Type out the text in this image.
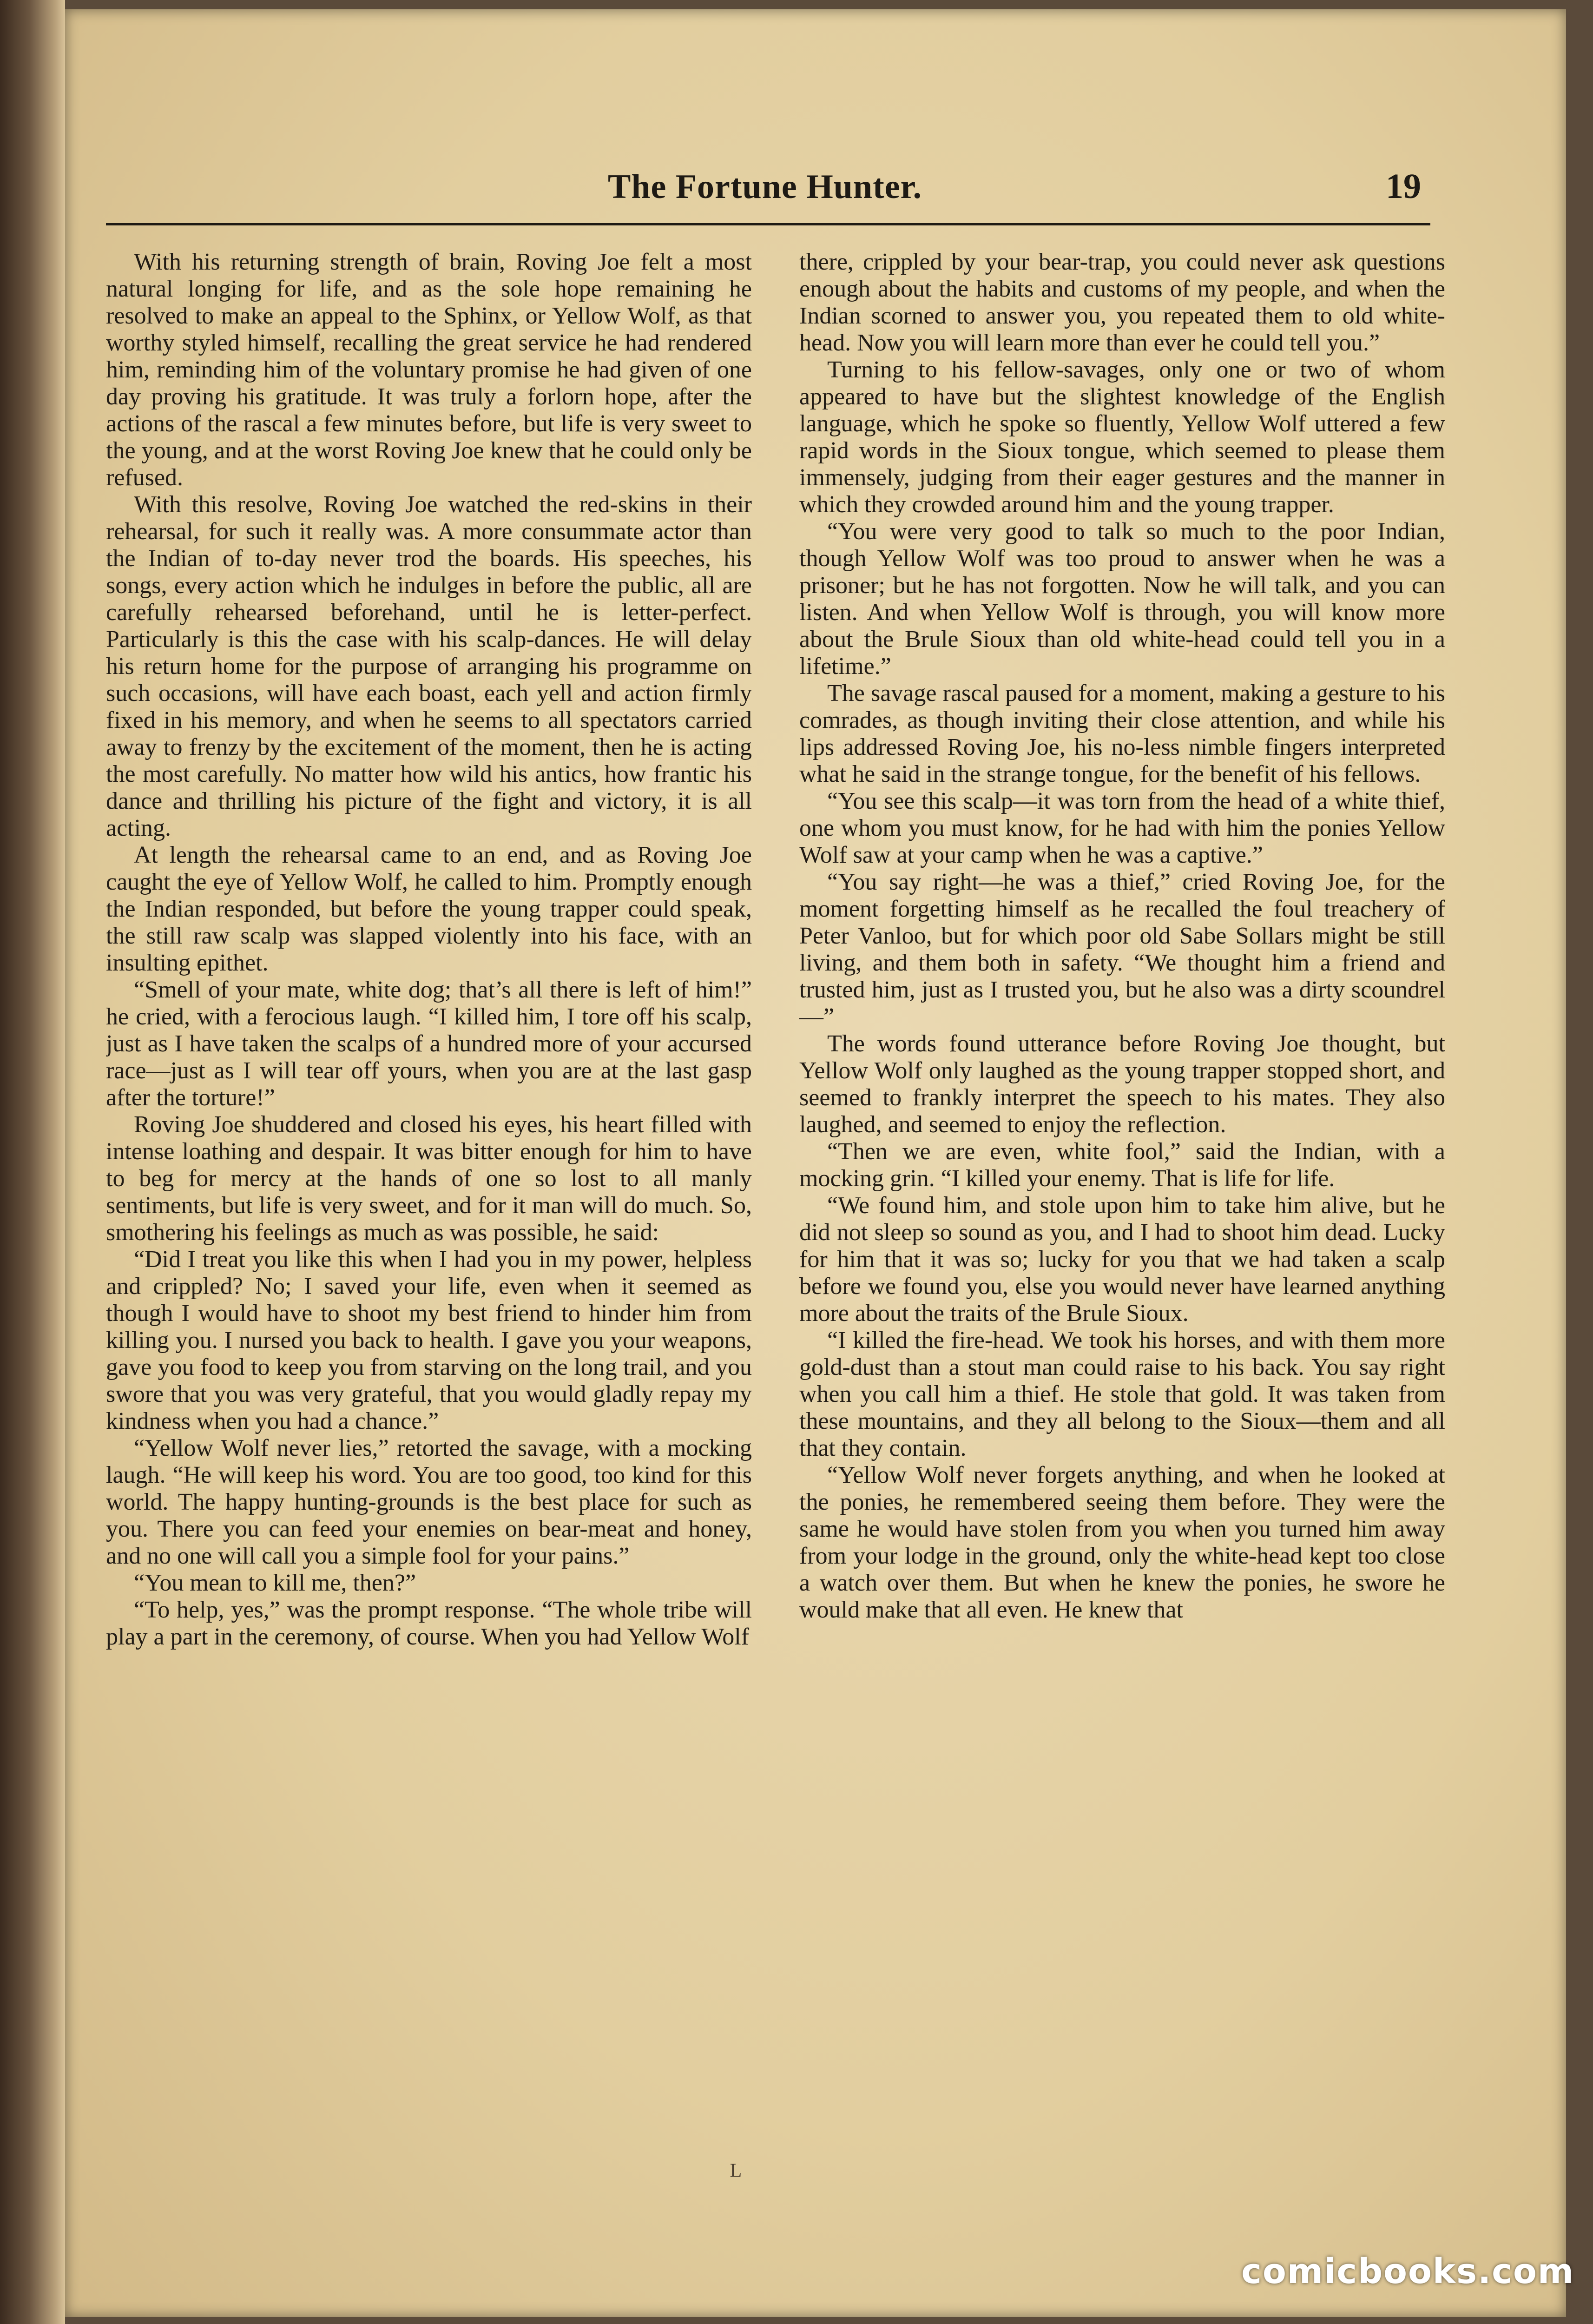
The Fortune Hunter.	19

With his returning strength of brain, Roving Joe felt a most natural longing for life, and as the sole hope remaining he resolved to make an appeal to the Sphinx, or Yellow Wolf, as that worthy styled himself, recalling the great service he had rendered him, reminding him of the voluntary promise he had given of one day proving his gratitude. It was truly a forlorn hope, after the actions of the rascal a few minutes before, but life is very sweet to the young, and at the worst Roving Joe knew that he could only be refused.

With this resolve, Roving Joe watched the red-skins in their rehearsal, for such it really was. A more consummate actor than the Indian of to-day never trod the boards. His speeches, his songs, every action which he indulges in before the public, all are carefully rehearsed beforehand, until he is letter-perfect. Particularly is this the case with his scalp-dances. He will delay his return home for the purpose of arranging his programme on such occasions, will have each boast, each yell and action firmly fixed in his memory, and when he seems to all spectators carried away to frenzy by the excitement of the moment, then he is acting the most carefully. No matter how wild his antics, how frantic his dance and thrilling his picture of the fight and victory, it is all acting.

At length the rehearsal came to an end, and as Roving Joe caught the eye of Yellow Wolf, he called to him. Promptly enough the Indian responded, but before the young trapper could speak, the still raw scalp was slapped violently into his face, with an insulting epithet.

“Smell of your mate, white dog; that’s all there is left of him!” he cried, with a ferocious laugh. “I killed him, I tore off his scalp, just as I have taken the scalps of a hundred more of your accursed race—just as I will tear off yours, when you are at the last gasp after the torture!”

Roving Joe shuddered and closed his eyes, his heart filled with intense loathing and despair. It was bitter enough for him to have to beg for mercy at the hands of one so lost to all manly sentiments, but life is very sweet, and for it man will do much. So, smothering his feelings as much as was possible, he said:

“Did I treat you like this when I had you in my power, helpless and crippled? No; I saved your life, even when it seemed as though I would have to shoot my best friend to hinder him from killing you. I nursed you back to health. I gave you your weapons, gave you food to keep you from starving on the long trail, and you swore that you was very grateful, that you would gladly repay my kindness when you had a chance.”

“Yellow Wolf never lies,” retorted the savage, with a mocking laugh. “He will keep his word. You are too good, too kind for this world. The happy hunting-grounds is the best place for such as you. There you can feed your enemies on bear-meat and honey, and no one will call you a simple fool for your pains.”

“You mean to kill me, then?”

“To help, yes,” was the prompt response. “The whole tribe will play a part in the ceremony, of course. When you had Yellow Wolf

there, crippled by your bear-trap, you could never ask questions enough about the habits and customs of my people, and when the Indian scorned to answer you, you repeated them to old white-head. Now you will learn more than ever he could tell you.”

Turning to his fellow-savages, only one or two of whom appeared to have but the slightest knowledge of the English language, which he spoke so fluently, Yellow Wolf uttered a few rapid words in the Sioux tongue, which seemed to please them immensely, judging from their eager gestures and the manner in which they crowded around him and the young trapper.

“You were very good to talk so much to the poor Indian, though Yellow Wolf was too proud to answer when he was a prisoner; but he has not forgotten. Now he will talk, and you can listen. And when Yellow Wolf is through, you will know more about the Brule Sioux than old white-head could tell you in a lifetime.”

The savage rascal paused for a moment, making a gesture to his comrades, as though inviting their close attention, and while his lips addressed Roving Joe, his no-less nimble fingers interpreted what he said in the strange tongue, for the benefit of his fellows.

“You see this scalp—it was torn from the head of a white thief, one whom you must know, for he had with him the ponies Yellow Wolf saw at your camp when he was a captive.”

“You say right—he was a thief,” cried Roving Joe, for the moment forgetting himself as he recalled the foul treachery of Peter Vanloo, but for which poor old Sabe Sollars might be still living, and them both in safety. “We thought him a friend and trusted him, just as I trusted you, but he also was a dirty scoundrel—”

The words found utterance before Roving Joe thought, but Yellow Wolf only laughed as the young trapper stopped short, and seemed to frankly interpret the speech to his mates. They also laughed, and seemed to enjoy the reflection.

“Then we are even, white fool,” said the Indian, with a mocking grin. “I killed your enemy. That is life for life.

“We found him, and stole upon him to take him alive, but he did not sleep so sound as you, and I had to shoot him dead. Lucky for him that it was so; lucky for you that we had taken a scalp before we found you, else you would never have learned anything more about the traits of the Brule Sioux.

“I killed the fire-head. We took his horses, and with them more gold-dust than a stout man could raise to his back. You say right when you call him a thief. He stole that gold. It was taken from these mountains, and they all belong to the Sioux—them and all that they contain.

“Yellow Wolf never forgets anything, and when he looked at the ponies, he remembered seeing them before. They were the same he would have stolen from you when you turned him away from your lodge in the ground, only the white-head kept too close a watch over them. But when he knew the ponies, he swore he would make that all even. He knew that

ᴸ
comicbooks.com
